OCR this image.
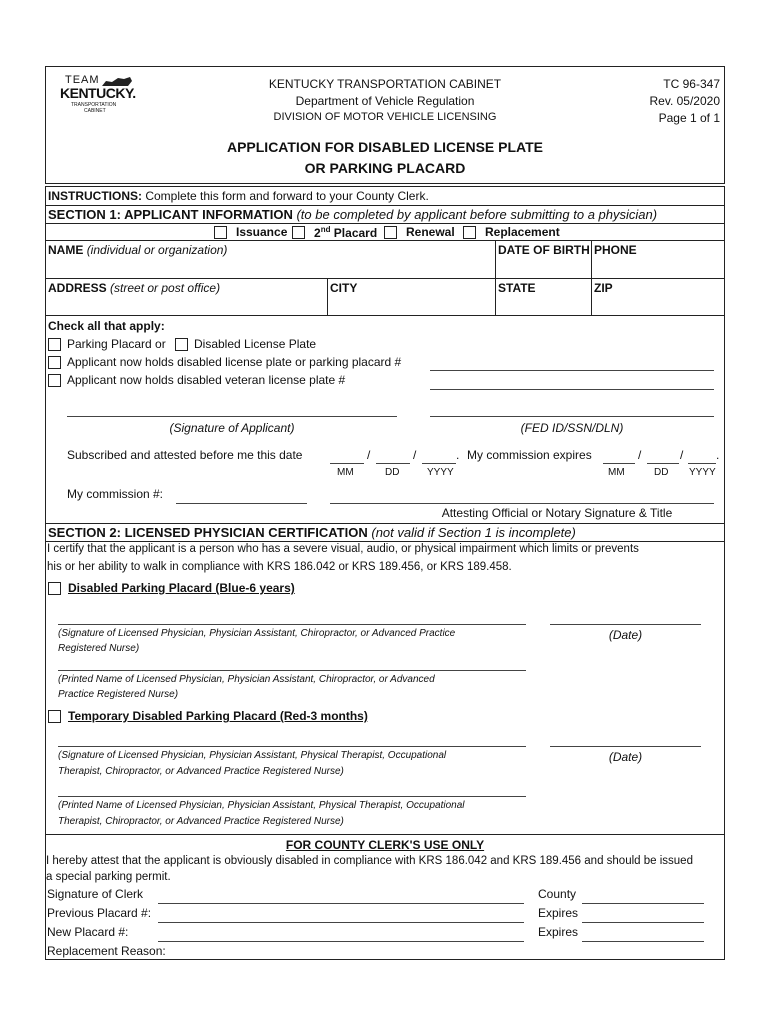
TEAM
KENTUCKY.
TRANSPORTATION
CABINET
KENTUCKY TRANSPORTATION CABINET
Department of Vehicle Regulation
DIVISION OF MOTOR VEHICLE LICENSING
TC 96-347
Rev. 05/2020
Page 1 of 1
APPLICATION FOR DISABLED LICENSE PLATE
OR PARKING PLACARD
INSTRUCTIONS: Complete this form and forward to your County Clerk.
SECTION 1: APPLICANT INFORMATION (to be completed by applicant before submitting to a physician)
Issuance 2nd Placard Renewal	Replacement
NAME (individual or organization)	DATE OF BIRTH PHONE
ADDRESS (street or post office)	CITY	STATE	ZIP
Check all that apply:
Parking Placard or Disabled License Plate
Applicant now holds disabled license plate or parking placard #
Applicant now holds disabled veteran license plate #
(Signature of Applicant)	(FED ID/SSN/DLN)
Subscribed and attested before me this date	/	/	.
MM	DD	YYYY
My commission expires	/	/	.
MM	DD YYYY
My commission #:
Attesting Official or Notary Signature & Title
SECTION 2: LICENSED PHYSICIAN CERTIFICATION (not valid if Section 1 is incomplete)
I certify that the applicant is a person who has a severe visual, audio, or physical impairment which limits or prevents
his or her ability to walk in compliance with KRS 186.042 or KRS 189.456, or KRS 189.458.
Disabled Parking Placard (Blue-6 years)
(Signature of Licensed Physician, Physician Assistant, Chiropractor, or Advanced Practice
Registered Nurse)
(Date)
(Printed Name of Licensed Physician, Physician Assistant, Chiropractor, or Advanced
Practice Registered Nurse)
Temporary Disabled Parking Placard (Red-3 months)
(Signature of Licensed Physician, Physician Assistant, Physical Therapist, Occupational
Therapist, Chiropractor, or Advanced Practice Registered Nurse)
(Date)
(Printed Name of Licensed Physician, Physician Assistant, Physical Therapist, Occupational
Therapist, Chiropractor, or Advanced Practice Registered Nurse)
FOR COUNTY CLERK'S USE ONLY
I hereby attest that the applicant is obviously disabled in compliance with KRS 186.042 and KRS 189.456 and should be issued
a special parking permit.
Signature of Clerk	County
Previous Placard #:	Expires
New Placard #:	Expires
Replacement Reason:
